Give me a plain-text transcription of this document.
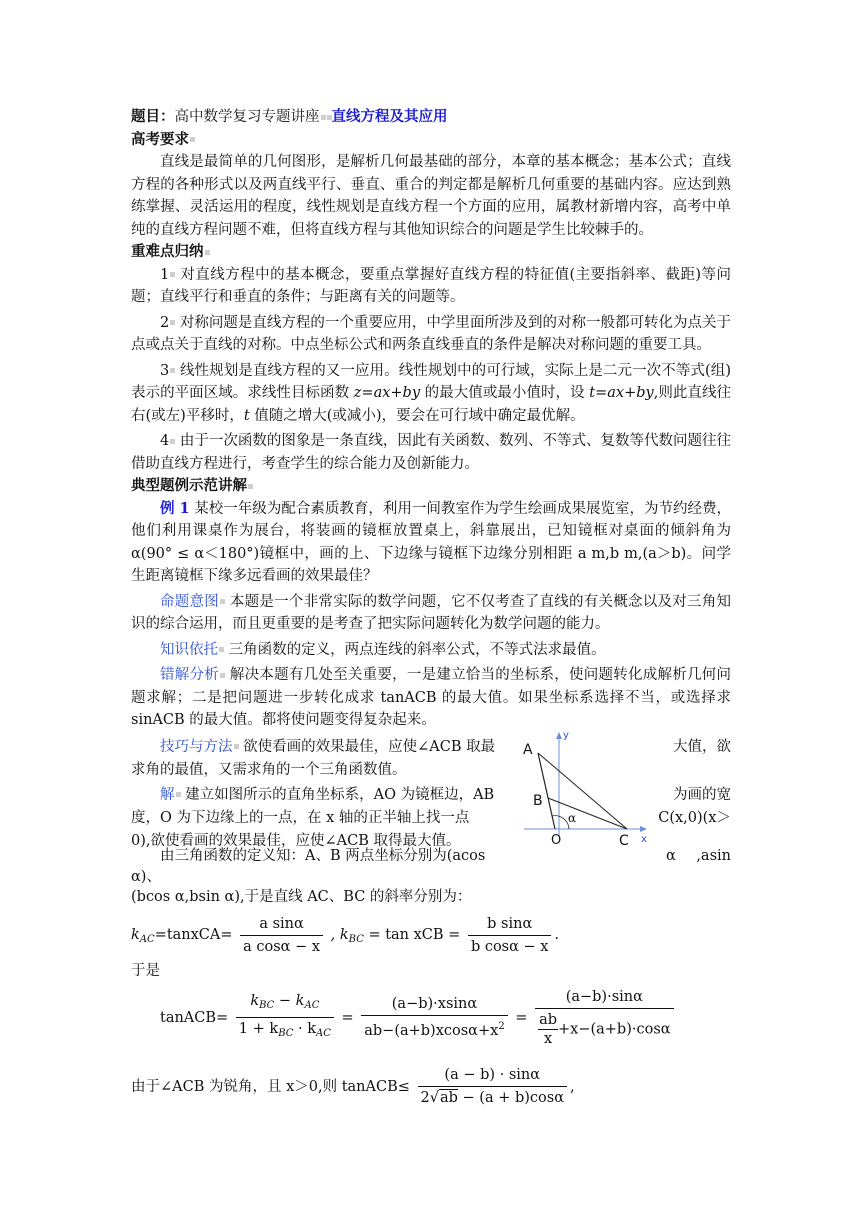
题目：高中数学复习专题讲座 直线方程及其应用
高考要求
直线是最简单的几何图形，是解析几何最基础的部分，本章的基本概念；基本公式；直线方程的各种形式以及两直线平行、垂直、重合的判定都是解析几何重要的基础内容。应达到熟练掌握、灵活运用的程度，线性规划是直线方程一个方面的应用，属教材新增内容，高考中单纯的直线方程问题不难，但将直线方程与其他知识综合的问题是学生比较棘手的。
重难点归纳
1 对直线方程中的基本概念，要重点掌握好直线方程的特征值(主要指斜率、截距)等问题；直线平行和垂直的条件；与距离有关的问题等。
2 对称问题是直线方程的一个重要应用，中学里面所涉及到的对称一般都可转化为点关于点或点关于直线的对称。中点坐标公式和两条直线垂直的条件是解决对称问题的重要工具。
3 线性规划是直线方程的又一应用。线性规划中的可行域，实际上是二元一次不等式(组)表示的平面区域。求线性目标函数 z=ax+by 的最大值或最小值时，设 t=ax+by,则此直线往右(或左)平移时，t 值随之增大(或减小)，要会在可行域中确定最优解。
4 由于一次函数的图象是一条直线，因此有关函数、数列、不等式、复数等代数问题往往借助直线方程进行，考查学生的综合能力及创新能力。
典型题例示范讲解
例 1 某校一年级为配合素质教育，利用一间教室作为学生绘画成果展览室，为节约经费，他们利用课桌作为展台，将装画的镜框放置桌上，斜靠展出，已知镜框对桌面的倾斜角为 α(90° ≤ α＜180°)镜框中，画的上、下边缘与镜框下边缘分别相距 a m,b m,(a＞b)。问学生距离镜框下缘多远看画的效果最佳？
命题意图 本题是一个非常实际的数学问题，它不仅考查了直线的有关概念以及对三角知识的综合运用，而且更重要的是考查了把实际问题转化为数学问题的能力。
知识依托 三角函数的定义，两点连线的斜率公式，不等式法求最值。
错解分析 解决本题有几处至关重要，一是建立恰当的坐标系，使问题转化成解析几何问题求解；二是把问题进一步转化成求 tanACB 的最大值。如果坐标系选择不当，或选择求 sinACB 的最大值。都将使问题变得复杂起来。
技巧与方法 欲使看画的效果最佳，应使∠ACB 取最	大值，欲
求角的最值，又需求角的一个三角函数值。
解 建立如图所示的直角坐标系，AO 为镜框边，AB	为画的宽
度，O 为下边缘上的一点，在 x 轴的正半轴上找一点	C(x,0)(x＞
0),欲使看画的效果最佳，应使∠ACB 取得最大值。
y
x
A
B
O	C
α
由三角函数的定义知：A、B 两点坐标分别为(acos	α ,asin
α)、
(bcos α,bsin α),于是直线 AC、BC 的斜率分别为：
$k_{AC}=tanxCA= \frac{\text{a sinα}}{\text{a cosα − x}}$ , $k_{BC} = \tan$ xCB = $\frac{\text{b sinα}}{\text{b cosα − x}}$ .
于是
tanACB= $\frac{k_{BC} - k_{AC}}{1 + k_{BC} \cdot k_{AC}} = \frac{(a-b)\cdot xsin\alpha}{ab-(a+b)xcos\alpha+x^2} = \frac{(a-b)\cdot\sin\alpha}{\frac{ab}{x} +x-(a+b)\cdot\cos\alpha}$
由于∠ACB 为锐角，且 x＞0,则 tanACB≤ $\frac{(a - b) \cdot \sin\alpha}{2√ab - (a + b)\cos\alpha}$ ,
